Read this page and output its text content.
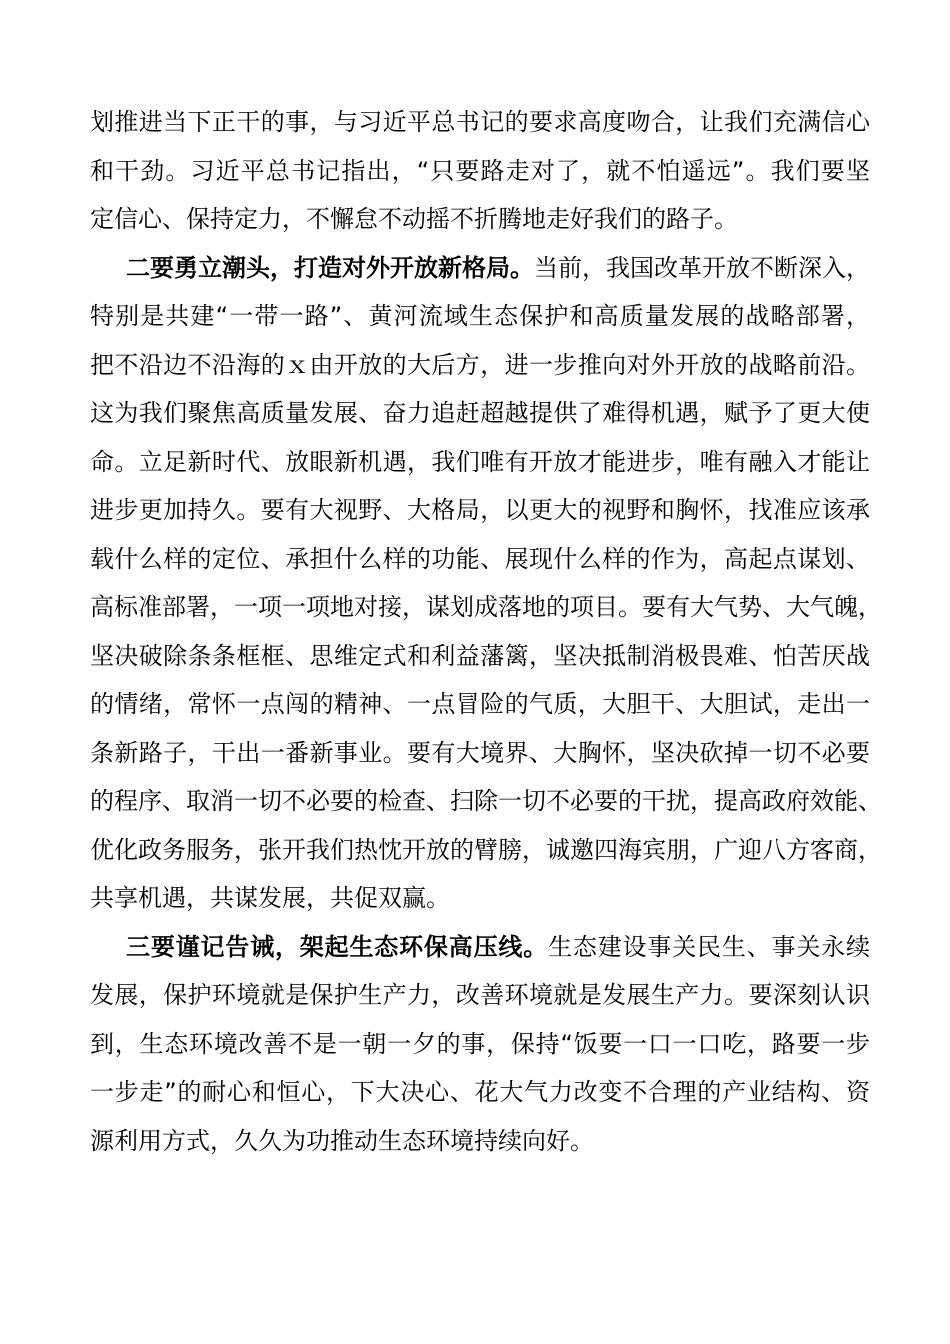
划推进当下正干的事，与习近平总书记的要求高度吻合，让我们充满信心
和干劲。习近平总书记指出，“只要路走对了，就不怕遥远”。我们要坚
定信心、保持定力，不懈怠不动摇不折腾地走好我们的路子。
二要勇立潮头，打造对外开放新格局。当前，我国改革开放不断深入，
特别是共建“一带一路”、黄河流域生态保护和高质量发展的战略部署，
把不沿边不沿海的ｘ由开放的大后方，进一步推向对外开放的战略前沿。
这为我们聚焦高质量发展、奋力追赶超越提供了难得机遇，赋予了更大使
命。立足新时代、放眼新机遇，我们唯有开放才能进步，唯有融入才能让
进步更加持久。要有大视野、大格局，以更大的视野和胸怀，找准应该承
载什么样的定位、承担什么样的功能、展现什么样的作为，高起点谋划、
高标准部署，一项一项地对接，谋划成落地的项目。要有大气势、大气魄，
坚决破除条条框框、思维定式和利益藩篱，坚决抵制消极畏难、怕苦厌战
的情绪，常怀一点闯的精神、一点冒险的气质，大胆干、大胆试，走出一
条新路子，干出一番新事业。要有大境界、大胸怀，坚决砍掉一切不必要
的程序、取消一切不必要的检查、扫除一切不必要的干扰，提高政府效能、
优化政务服务，张开我们热忱开放的臂膀，诚邀四海宾朋，广迎八方客商，
共享机遇，共谋发展，共促双赢。
三要谨记告诫，架起生态环保高压线。生态建设事关民生、事关永续
发展，保护环境就是保护生产力，改善环境就是发展生产力。要深刻认识
到，生态环境改善不是一朝一夕的事，保持“饭要一口一口吃，路要一步
一步走”的耐心和恒心，下大决心、花大气力改变不合理的产业结构、资
源利用方式，久久为功推动生态环境持续向好。
